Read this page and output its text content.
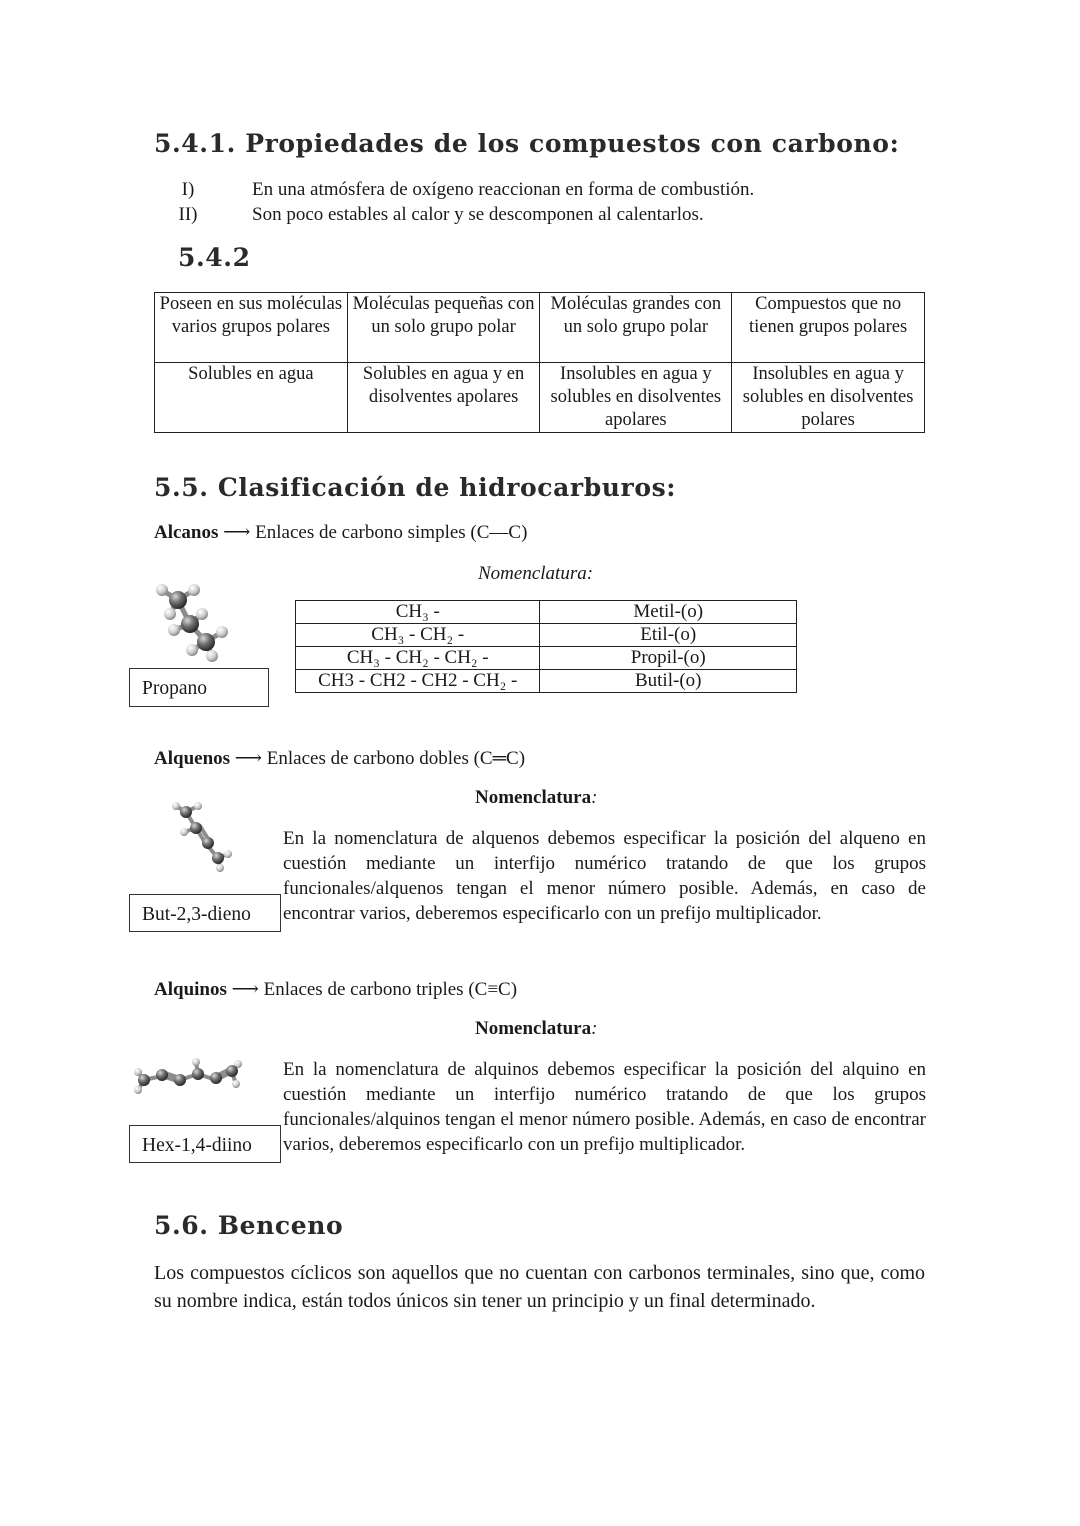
5.4.1. Propiedades de los compuestos con carbono:
I)	En una atmósfera de oxígeno reaccionan en forma de combustión.
II)	Son poco estables al calor y se descomponen al calentarlos.
5.4.2
Poseen en sus moléculas varios grupos polares	Moléculas pequeñas con un solo grupo polar	Moléculas grandes con un solo grupo polar	Compuestos que no tienen grupos polares
Solubles en agua	Solubles en agua y en disolventes apolares	Insolubles en agua y solubles en disolventes apolares	Insolubles en agua y solubles en disolventes polares
5.5. Clasificación de hidrocarburos:
Alcanos ⟶ Enlaces de carbono simples (C—C)
Nomenclatura:
Propano
CH₃ -	Metil-(o)
CH₃ - CH₂ -	Etil-(o)
CH₃ - CH₂ - CH₂ -	Propil-(o)
CH3 - CH2 - CH2 - CH₂ -	Butil-(o)
Alquenos ⟶ Enlaces de carbono dobles (C═C)
Nomenclatura:
But-2,3-dieno
En la nomenclatura de alquenos debemos especificar la posición del alqueno en cuestión mediante un interfijo numérico tratando de que los grupos funcionales/alquenos tengan el menor número posible. Además, en caso de encontrar varios, deberemos especificarlo con un prefijo multiplicador.
Alquinos ⟶ Enlaces de carbono triples (C≡C)
Nomenclatura:
Hex-1,4-diino
En la nomenclatura de alquinos debemos especificar la posición del alquino en cuestión mediante un interfijo numérico tratando de que los grupos funcionales/alquinos tengan el menor número posible. Además, en caso de encontrar varios, deberemos especificarlo con un prefijo multiplicador.
5.6. Benceno
Los compuestos cíclicos son aquellos que no cuentan con carbonos terminales, sino que, como su nombre indica, están todos únicos sin tener un principio y un final determinado.
